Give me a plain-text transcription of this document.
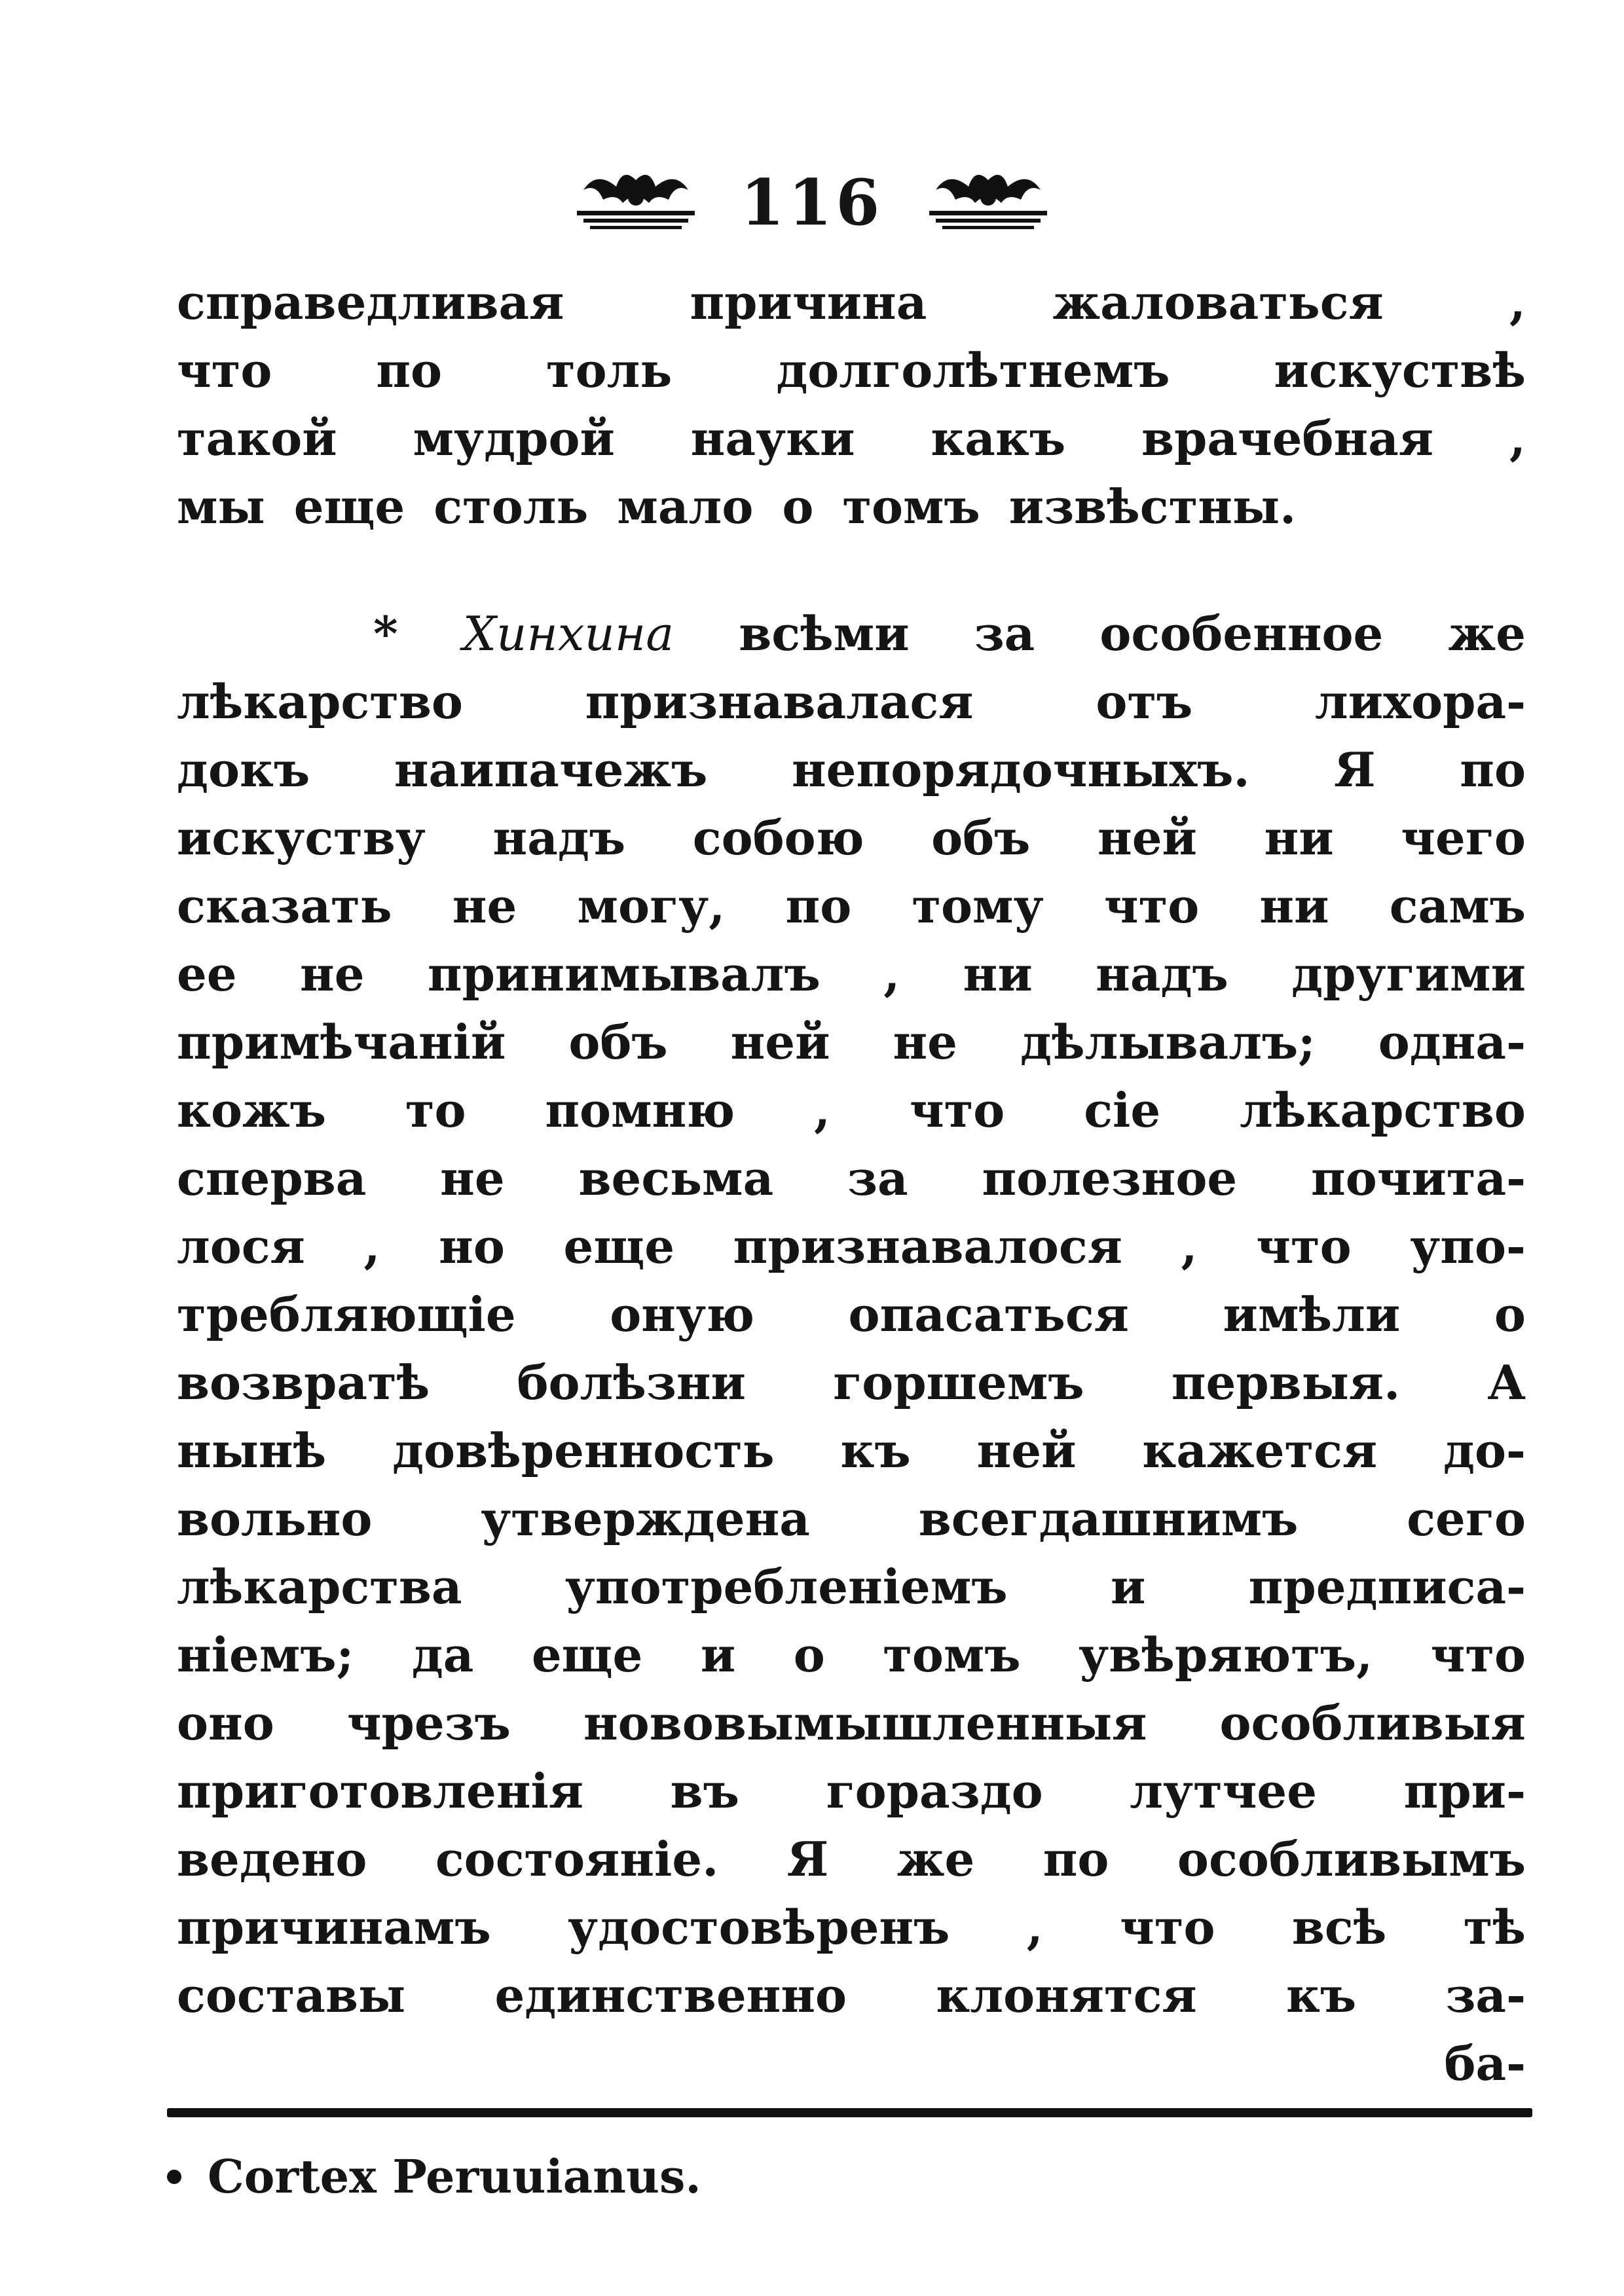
116
справедливая	причина	жаловаться	,
что по толь долголѣтнемъ искуствѣ
такой мудрой науки какъ врачебная ,
мы еще столь мало о томъ извѣстны.
* Хинхина всѣми за особенное же
лѣкарство	признавалася	отъ	лихора-
докъ наипачежъ непорядочныхъ. Я по
искуству надъ собою объ ней ни чего
сказать не могу, по тому что ни самъ
ее не принимывалъ , ни надъ другими
примѣчаній объ ней не дѣлывалъ; одна-
кожъ то помню , что сіе лѣкарство
сперва не весьма за полезное почита-
лося , но еще признавалося , что упо-
требляющіе оную опасаться имѣли о
возвратѣ болѣзни горшемъ первыя. А
нынѣ довѣренность къ ней кажется до-
вольно утверждена всегдашнимъ сего
лѣкарства употребленіемъ и предписа-
ніемъ; да еще и о томъ увѣряютъ, что
оно чрезъ нововымышленныя особливыя
приготовленія въ гораздо лутчее при-
ведено состояніе. Я же по особливымъ
причинамъ удостовѣренъ , что всѣ тѣ
составы единственно клонятся къ за-
ба-
Cortex Peruuianus.
